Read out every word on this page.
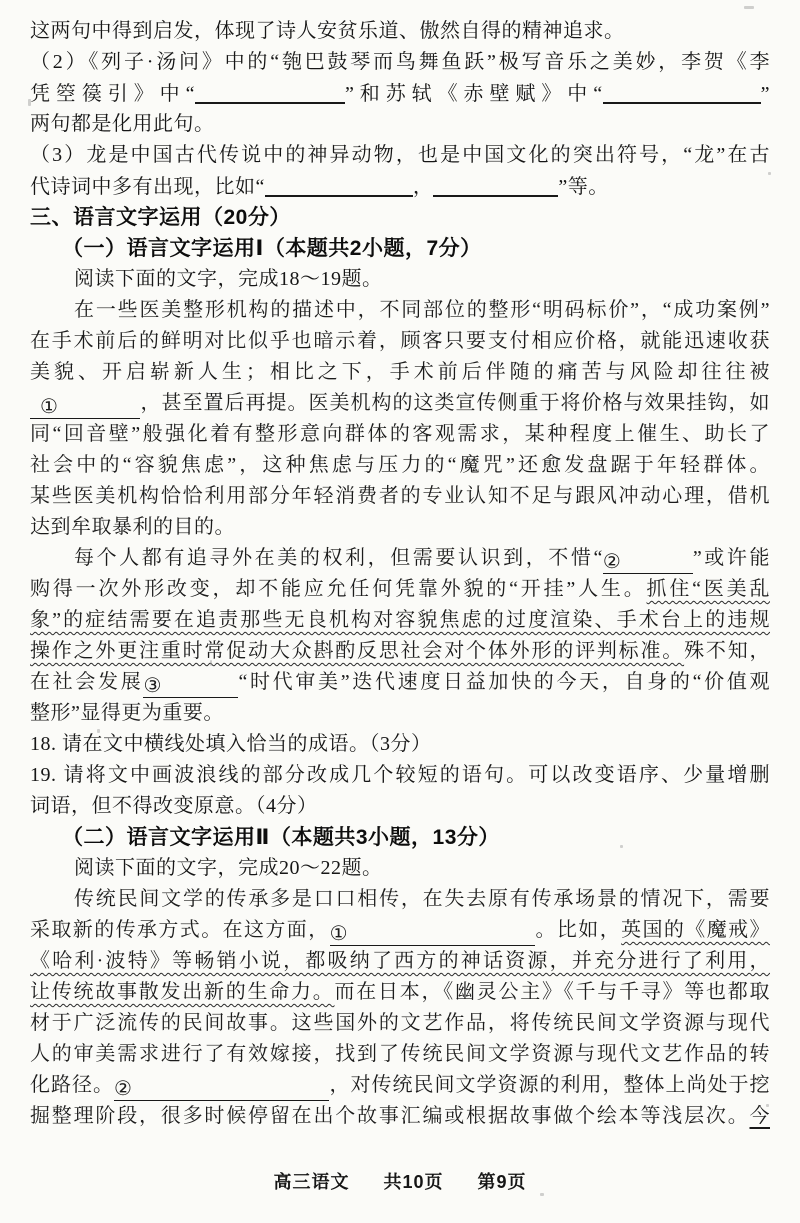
这两句中得到启发，体现了诗人安贫乐道、傲然自得的精神追求。
（2）《列子·汤问》中的“匏巴鼓琴而鸟舞鱼跃”极写音乐之美妙，李贺《李
凭箜篌引》中“	”和苏轼《赤壁赋》中“	”
两句都是化用此句。
（3）龙是中国古代传说中的神异动物，也是中国文化的突出符号，“龙”在古
代诗词中多有出现，比如“	，	”等。
三、语言文字运用（20分）
（一）语言文字运用Ⅰ（本题共2小题，7分）
阅读下面的文字，完成18～19题。
在一些医美整形机构的描述中，不同部位的整形“明码标价”，“成功案例”
在手术前后的鲜明对比似乎也暗示着，顾客只要支付相应价格，就能迅速收获
美貌、开启崭新人生；相比之下，手术前后伴随的痛苦与风险却往往被
①	，甚至置后再提。医美机构的这类宣传侧重于将价格与效果挂钩，如
同“回音壁”般强化着有整形意向群体的客观需求，某种程度上催生、助长了
社会中的“容貌焦虑”，这种焦虑与压力的“魔咒”还愈发盘踞于年轻群体。
某些医美机构恰恰利用部分年轻消费者的专业认知不足与跟风冲动心理，借机
达到牟取暴利的目的。
每个人都有追寻外在美的权利，但需要认识到，不惜“②	”或许能
购得一次外形改变，却不能应允任何凭靠外貌的“开挂”人生。抓住“医美乱
象”的症结需要在追责那些无良机构对容貌焦虑的过度渲染、手术台上的违规
操作之外更注重时常促动大众斟酌反思社会对个体外形的评判标准。殊不知，
在社会发展③	“时代审美”迭代速度日益加快的今天，自身的“价值观
整形”显得更为重要。
18. 请在文中横线处填入恰当的成语。（3分）
19. 请将文中画波浪线的部分改成几个较短的语句。可以改变语序、少量增删
词语，但不得改变原意。（4分）
（二）语言文字运用Ⅱ（本题共3小题，13分）
阅读下面的文字，完成20～22题。
传统民间文学的传承多是口口相传，在失去原有传承场景的情况下，需要
采取新的传承方式。在这方面，①	。比如，英国的《魔戒》
《哈利·波特》等畅销小说，都吸纳了西方的神话资源，并充分进行了利用，
让传统故事散发出新的生命力。而在日本，《幽灵公主》《千与千寻》等也都取
材于广泛流传的民间故事。这些国外的文艺作品，将传统民间文学资源与现代
人的审美需求进行了有效嫁接，找到了传统民间文学资源与现代文艺作品的转
化路径。②	，对传统民间文学资源的利用，整体上尚处于挖
掘整理阶段，很多时候停留在出个故事汇编或根据故事做个绘本等浅层次。今
高三语文 共10页 第9页
